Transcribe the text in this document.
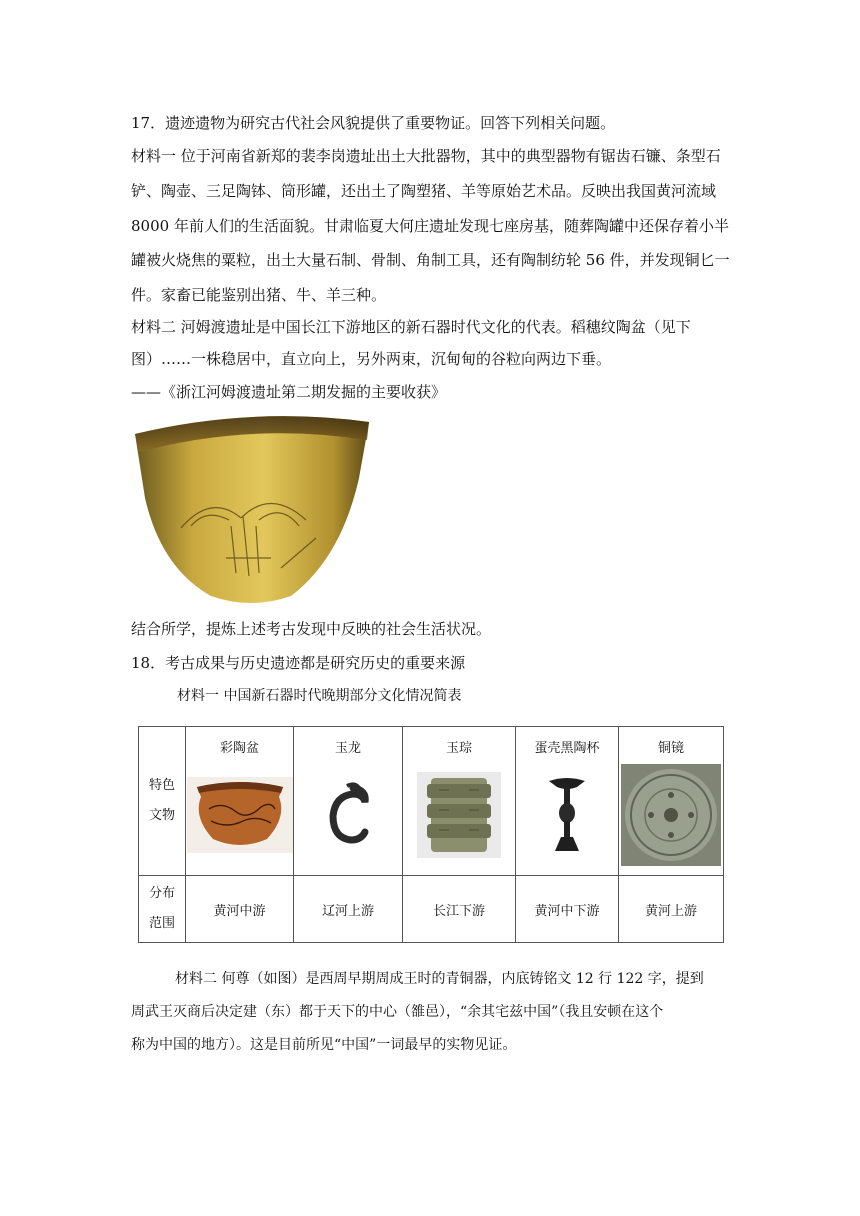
17．遗迹遗物为研究古代社会风貌提供了重要物证。回答下列相关问题。
材料一 位于河南省新郑的裴李岗遗址出土大批器物，其中的典型器物有锯齿石镰、条型石
铲、陶壶、三足陶钵、筒形罐，还出土了陶塑猪、羊等原始艺术品。反映出我国黄河流域
8000 年前人们的生活面貌。甘肃临夏大何庄遗址发现七座房基，随葬陶罐中还保存着小半
罐被火烧焦的粟粒，出土大量石制、骨制、角制工具，还有陶制纺轮 56 件，并发现铜匕一
件。家畜已能鉴别出猪、牛、羊三种。
材料二 河姆渡遗址是中国长江下游地区的新石器时代文化的代表。稻穗纹陶盆（见下
图）……一株稳居中，直立向上，另外两束，沉甸甸的谷粒向两边下垂。
——《浙江河姆渡遗址第二期发掘的主要收获》
结合所学，提炼上述考古发现中反映的社会生活状况。
18．考古成果与历史遗迹都是研究历史的重要来源
材料一 中国新石器时代晚期部分文化情况简表
特色
文物	彩陶盆	玉龙	玉琮	蛋壳黑陶杯	铜镜

分布
范围	黄河中游	辽河上游	长江下游	黄河中下游	黄河上游
材料二 何尊（如图）是西周早期周成王时的青铜器，内底铸铭文 12 行 122 字，提到
周武王灭商后决定建（东）都于天下的中心（雒邑），“余其宅兹中国”（我且安顿在这个
称为中国的地方）。这是目前所见“中国”一词最早的实物见证。
